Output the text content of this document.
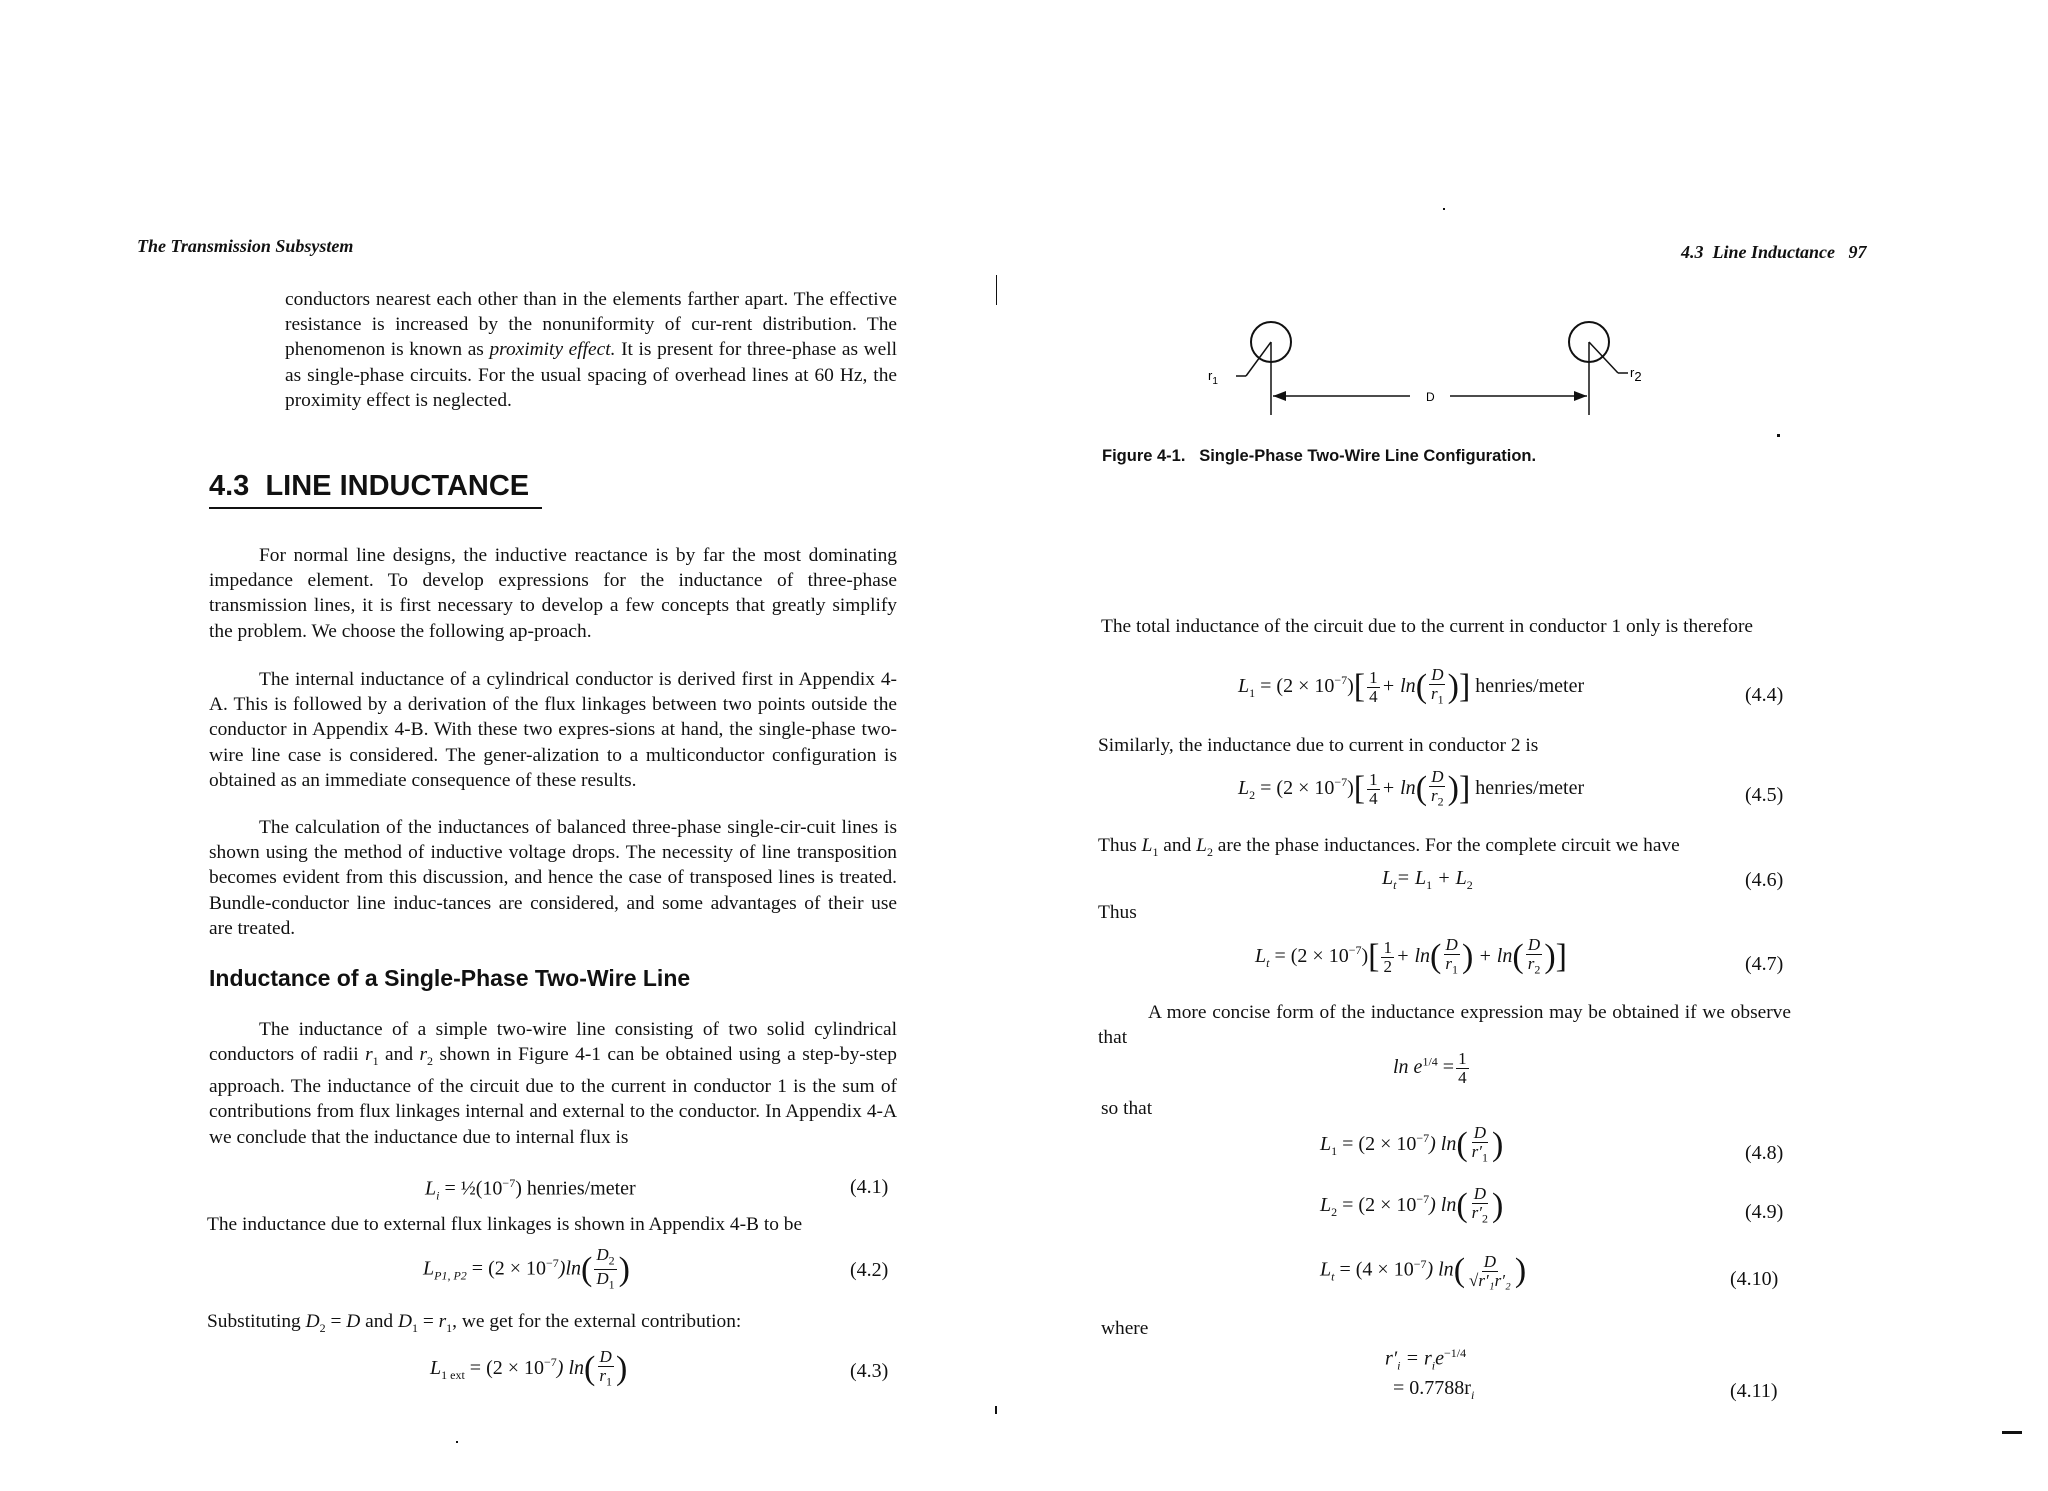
The Transmission Subsystem
conductors nearest each other than in the elements farther apart. The effective resistance is increased by the nonuniformity of cur-rent distribution. The phenomenon is known as proximity effect. It is present for three-phase as well as single-phase circuits. For the usual spacing of overhead lines at 60 Hz, the proximity effect is neglected.
4.3 LINE INDUCTANCE
For normal line designs, the inductive reactance is by far the most dominating impedance element. To develop expressions for the inductance of three-phase transmission lines, it is first necessary to develop a few concepts that greatly simplify the problem. We choose the following ap-proach.
The internal inductance of a cylindrical conductor is derived first in Appendix 4-A. This is followed by a derivation of the flux linkages between two points outside the conductor in Appendix 4-B. With these two expres-sions at hand, the single-phase two-wire line case is considered. The gener-alization to a multiconductor configuration is obtained as an immediate consequence of these results.
The calculation of the inductances of balanced three-phase single-cir-cuit lines is shown using the method of inductive voltage drops. The necessity of line transposition becomes evident from this discussion, and hence the case of transposed lines is treated. Bundle-conductor line induc-tances are considered, and some advantages of their use are treated.
Inductance of a Single-Phase Two-Wire Line
The inductance of a simple two-wire line consisting of two solid cylindrical conductors of radii $r_1$ and $r_2$ shown in Figure 4-1 can be obtained using a step-by-step approach. The inductance of the circuit due to the current in conductor 1 is the sum of contributions from flux linkages internal and external to the conductor. In Appendix 4-A we conclude that the inductance due to internal flux is
$L_i$ = $\frac{1}{2}(10^{-7})$ henries/meter	(4.1)
The inductance due to external flux linkages is shown in Appendix 4-B to be
$L_{P1, P2} = (2 \times 10^{-7})\ln( \frac{D_2}{D_1}$ )	(4.2)
Substituting $D_2 = D$ and $D_1 = r_1$, we get for the external contribution:
$L_{1 ext} = (2 \times 10^{-7})$ $\ln( \frac{D}{r_1}$ )	(4.3)
4.3 Line Inductance 97
$r_1$
r2
D
Figure 4-1. Single-Phase Two-Wire Line Configuration.
The total inductance of the circuit due to the current in conductor 1 only is therefore
$L_1 = (2 \times 10^{-7})[ \frac{1}{4} + \ln( \frac{D}{r_1}$ )] henries/meter	(4.4)
Similarly, the inductance due to current in conductor 2 is
$L_2 = (2 \times 10^{-7})[ \frac{1}{4} + \ln( \frac{D}{r_2}$ )] henries/meter	(4.5)
Thus $L_1$ and $L_2$ are the phase inductances. For the complete circuit we have
$L_t= L_1 + L_2$	(4.6)
Thus
$L_t = (2 \times 10^{-7})[ \frac{1}{2} + \ln( \frac{D}{r_1}$ ) + $\ln( \frac{D}{r_2}$ )]	(4.7)
A more concise form of the inductance expression may be obtained if we observe that
$\ln e^{1/4} = \frac{1}{4}$
so that
$L_1 = (2 \times 10^{-7})$ $\ln( \frac{D}{r'_1}$ )	(4.8)
$L_2 = (2 \times 10^{-7})$ $\ln( \frac{D}{r'_2}$ )	(4.9)
$L_t = (4 \times 10^{-7})$ $\ln( \frac{D}{\text{√r′₁r′₂}}$ )	(4.10)
where
$r'_i = r_ie^{-1/4}$
= $0.7788r_i$	(4.11)
